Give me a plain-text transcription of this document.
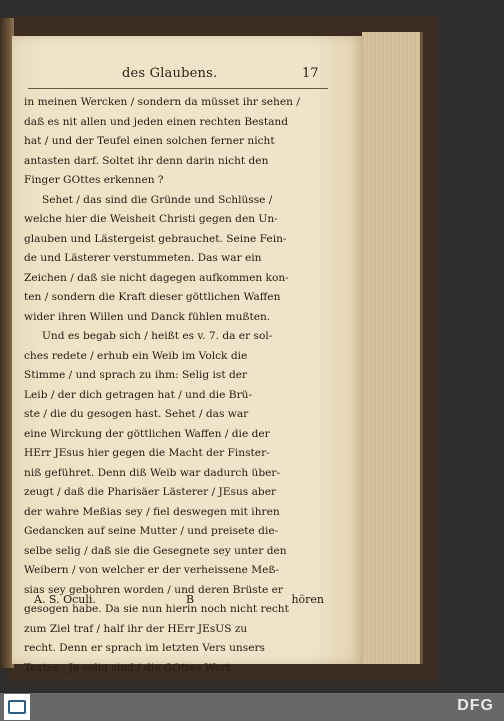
des Glaubens.	17
in meinen Wercken / sondern da müsset ihr sehen /
daß es nit allen und jeden einen rechten Bestand
hat / und der Teufel einen solchen ferner nicht
antasten darf. Soltet ihr denn darin nicht den
Finger GOttes erkennen ?
Sehet / das sind die Gründe und Schlüsse /
welche hier die Weisheit Christi gegen den Un-
glauben und Lästergeist gebrauchet. Seine Fein-
de und Lästerer verstummeten. Das war ein
Zeichen / daß sie nicht dagegen aufkommen kon-
ten / sondern die Kraft dieser göttlichen Waffen
wider ihren Willen und Danck fühlen mußten.
Und es begab sich / heißt es v. 7. da er sol-
ches redete / erhub ein Weib im Volck die
Stimme / und sprach zu ihm: Selig ist der
Leib / der dich getragen hat / und die Brü-
ste / die du gesogen hast. Sehet / das war
eine Wirckung der göttlichen Waffen / die der
HErr JEsus hier gegen die Macht der Finster-
niß geführet. Denn diß Weib war dadurch über-
zeugt / daß die Pharisäer Lästerer / JEsus aber
der wahre Meßias sey / fiel deswegen mit ihren
Gedancken auf seine Mutter / und preisete die-
selbe selig / daß sie die Gesegnete sey unter den
Weibern / von welcher er der verheissene Meß-
sias sey gebohren worden / und deren Brüste er
gesogen habe. Da sie nun hierin noch nicht recht
zum Ziel traf / half ihr der HErr JEsUS zu
recht. Denn er sprach im letzten Vers unsers
Textes : Ja selig sind / die GOttes Wort
A. S. Oculi.	B	hören
DFG
